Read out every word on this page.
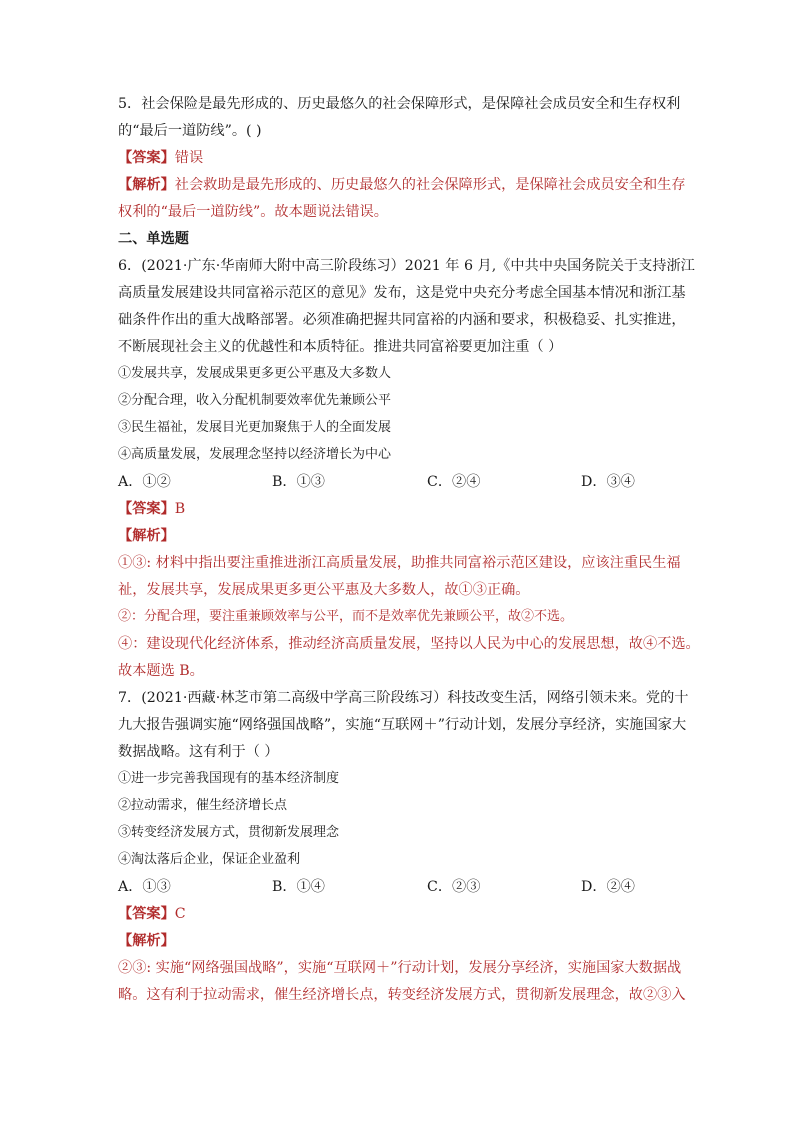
5．社会保险是最先形成的、历史最悠久的社会保障形式，是保障社会成员安全和生存权利
的“最后一道防线”。( )
【答案】错误
【解析】社会救助是最先形成的、历史最悠久的社会保障形式，是保障社会成员安全和生存
权利的“最后一道防线”。故本题说法错误。
二、单选题
6．(2021·广东·华南师大附中高三阶段练习）2021 年 6 月,《中共中央国务院关于支持浙江
高质量发展建设共同富裕示范区的意见》发布，这是党中央充分考虑全国基本情况和浙江基
础条件作出的重大战略部署。必须准确把握共同富裕的内涵和要求，积极稳妥、扎实推进，
不断展现社会主义的优越性和本质特征。推进共同富裕要更加注重（ ）
①发展共享，发展成果更多更公平惠及大多数人
②分配合理，收入分配机制要效率优先兼顾公平
③民生福祉，发展目光更加聚焦于人的全面发展
④高质量发展，发展理念坚持以经济增长为中心
A．①②	B．①③	C．②④	D．③④
【答案】B
【解析】
①③: 材料中指出要注重推进浙江高质量发展，助推共同富裕示范区建设，应该注重民生福
祉，发展共享，发展成果更多更公平惠及大多数人，故①③正确。
②：分配合理，要注重兼顾效率与公平，而不是效率优先兼顾公平，故②不选。
④：建设现代化经济体系，推动经济高质量发展，坚持以人民为中心的发展思想，故④不选。
故本题选 B。
7．(2021·西藏·林芝市第二高级中学高三阶段练习）科技改变生活，网络引领未来。党的十
九大报告强调实施“网络强国战略”，实施“互联网＋”行动计划，发展分享经济，实施国家大
数据战略。这有利于（ ）
①进一步完善我国现有的基本经济制度
②拉动需求，催生经济增长点
③转变经济发展方式，贯彻新发展理念
④淘汰落后企业，保证企业盈利
A．①③	B．①④	C．②③	D．②④
【答案】C
【解析】
②③: 实施“网络强国战略”，实施“互联网＋”行动计划，发展分享经济，实施国家大数据战
略。这有利于拉动需求，催生经济增长点，转变经济发展方式，贯彻新发展理念，故②③入
